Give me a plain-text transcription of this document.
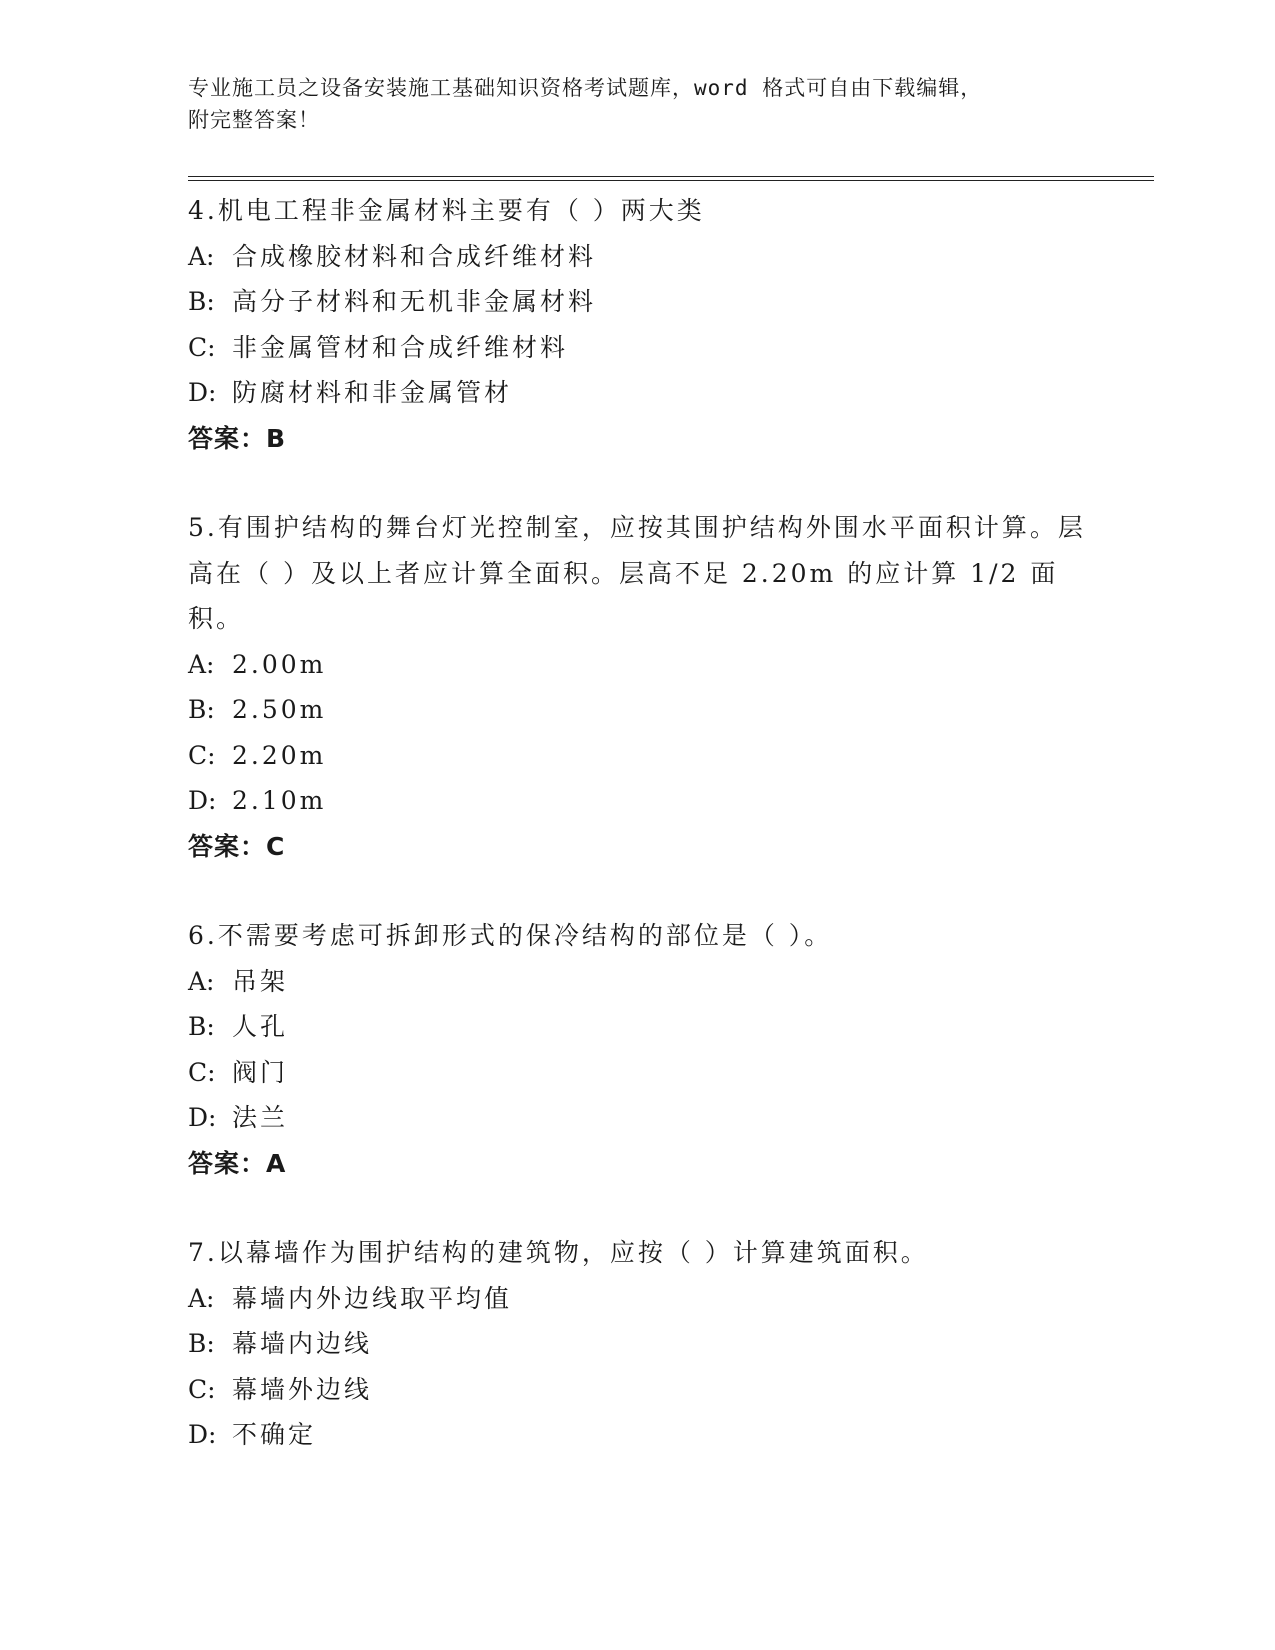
专业施工员之设备安装施工基础知识资格考试题库，word 格式可自由下载编辑，
附完整答案！
4.机电工程非金属材料主要有（ ）两大类
A: 合成橡胶材料和合成纤维材料
B: 高分子材料和无机非金属材料
C: 非金属管材和合成纤维材料
D: 防腐材料和非金属管材
答案：B
5.有围护结构的舞台灯光控制室，应按其围护结构外围水平面积计算。层高在（ ）及以上者应计算全面积。层高不足 2.20m 的应计算 1/2 面积。
A: 2.00m
B: 2.50m
C: 2.20m
D: 2.10m
答案：C
6.不需要考虑可拆卸形式的保冷结构的部位是（ ）。
A: 吊架
B: 人孔
C: 阀门
D: 法兰
答案：A
7.以幕墙作为围护结构的建筑物，应按（ ）计算建筑面积。
A: 幕墙内外边线取平均值
B: 幕墙内边线
C: 幕墙外边线
D: 不确定
